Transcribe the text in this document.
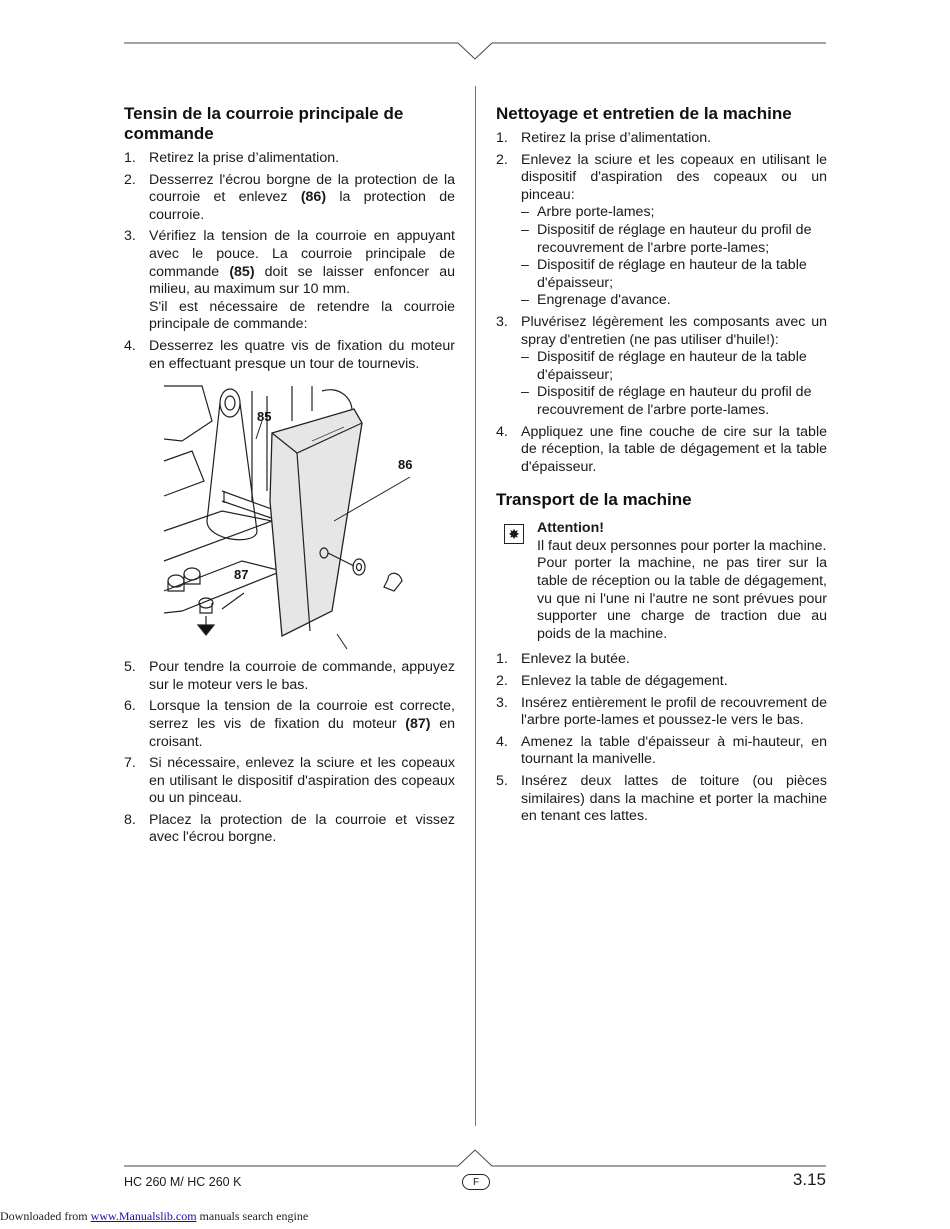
Tensin de la courroie principale de commande
1. Retirez la prise d’alimentation.
2. Desserrez l'écrou borgne de la protection de la courroie et enlevez (86) la protection de courroie.
3. Vérifiez la tension de la courroie en appuyant avec le pouce. La courroie principale de commande (85) doit se laisser enfoncer au milieu, au maximum sur 10 mm.
S'il est nécessaire de retendre la courroie principale de commande:
4. Desserrez les quatre vis de fixation du moteur en effectuant presque un tour de tournevis.
85
86
87
5. Pour tendre la courroie de commande, appuyez sur le moteur vers le bas.
6. Lorsque la tension de la courroie est correcte, serrez les vis de fixation du moteur (87) en croisant.
7. Si nécessaire, enlevez la sciure et les copeaux en utilisant le dispositif d'aspiration des copeaux ou un pinceau.
8. Placez la protection de la courroie et vissez avec l'écrou borgne.
Nettoyage et entretien de la machine
1. Retirez la prise d’alimentation.
2. Enlevez la sciure et les copeaux en utilisant le dispositif d'aspiration des copeaux ou un pinceau:
– Arbre porte-lames;
– Dispositif de réglage en hauteur du profil de recouvrement de l'arbre porte-lames;
– Dispositif de réglage en hauteur de la table d'épaisseur;
– Engrenage d'avance.
3. Pluvérisez légèrement les composants avec un spray d'entretien (ne pas utiliser d'huile!):
– Dispositif de réglage en hauteur de la table d'épaisseur;
– Dispositif de réglage en hauteur du profil de recouvrement de l'arbre porte-lames.
4. Appliquez une fine couche de cire sur la table de réception, la table de dégagement et la table d'épaisseur.
Transport de la machine
✸ Attention!

Il faut deux personnes pour porter la machine.

Pour porter la machine, ne pas tirer sur la table de réception ou la table de dégagement, vu que ni l'une ni l'autre ne sont prévues pour supporter une charge de traction due au poids de la machine.

1. Enlevez la butée.
2. Enlevez la table de dégagement.
3. Insérez entièrement le profil de recouvrement de l'arbre porte-lames et poussez-le vers le bas.
4. Amenez la table d'épaisseur à mi-hauteur, en tournant la manivelle.
5. Insérez deux lattes de toiture (ou pièces similaires) dans la machine et porter la machine en tenant ces lattes.
HC 260 M/ HC 260 K	F	3.15
Downloaded from www.Manualslib.com manuals search engine
